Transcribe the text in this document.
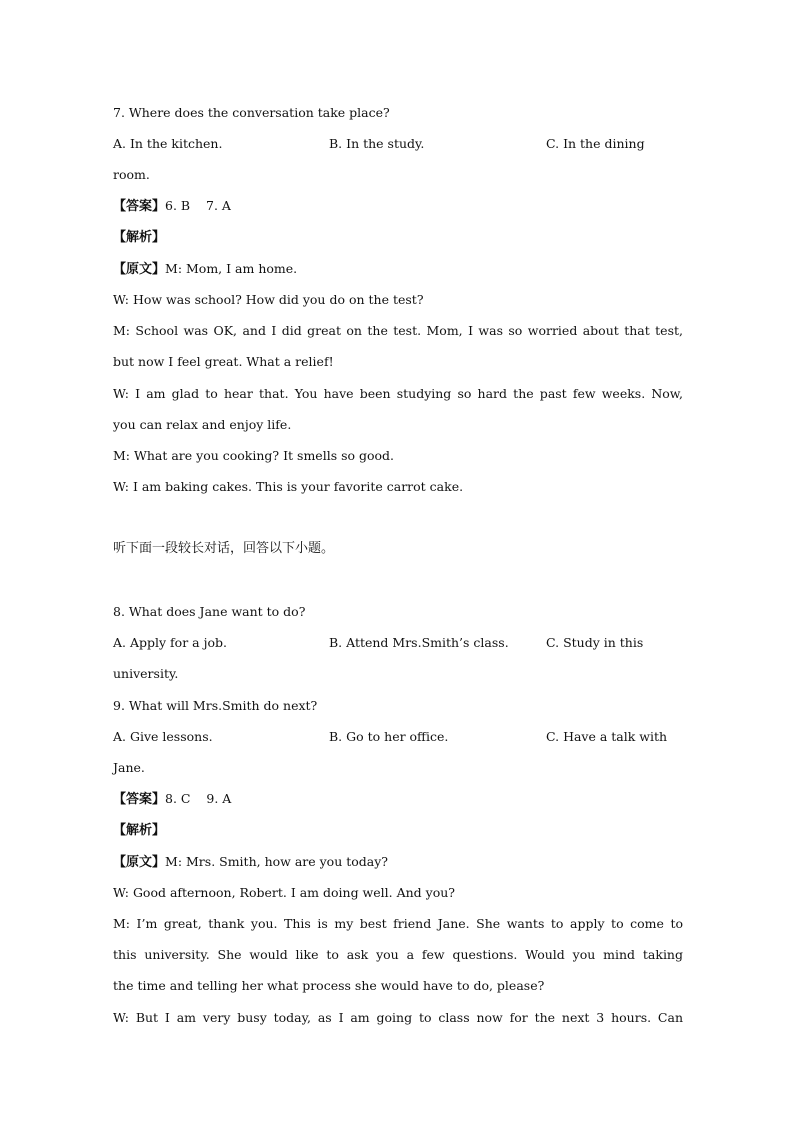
7. Where does the conversation take place?

A. In the kitchen.

	B. In the study.

	C. In the dining

room.
【答案】6. B    7. A
【解析】
【原文】M: Mom, I am home.
W: How was school? How did you do on the test?
M: School was OK, and I did great on the test. Mom, I was so worried about that test,
but now I feel great. What a relief!
W: I am glad to hear that. You have been studying so hard the past few weeks. Now,
you can relax and enjoy life.
M: What are you cooking? It smells so good.
W: I am baking cakes. This is your favorite carrot cake.
听下面一段较长对话，回答以下小题。
8. What does Jane want to do?

A. Apply for a job.

	B. Attend Mrs.Smith’s class.

	C. Study in this

university.
9. What will Mrs.Smith do next?

A. Give lessons.

	B. Go to her office.

	C. Have a talk with

Jane.
【答案】8. C    9. A
【解析】
【原文】M: Mrs. Smith, how are you today?
W: Good afternoon, Robert. I am doing well. And you?
M: I’m great, thank you. This is my best friend Jane. She wants to apply to come to
this university. She would like to ask you a few questions. Would you mind taking
the time and telling her what process she would have to do, please?
W: But I am very busy today, as I am going to class now for the next 3 hours. Can
